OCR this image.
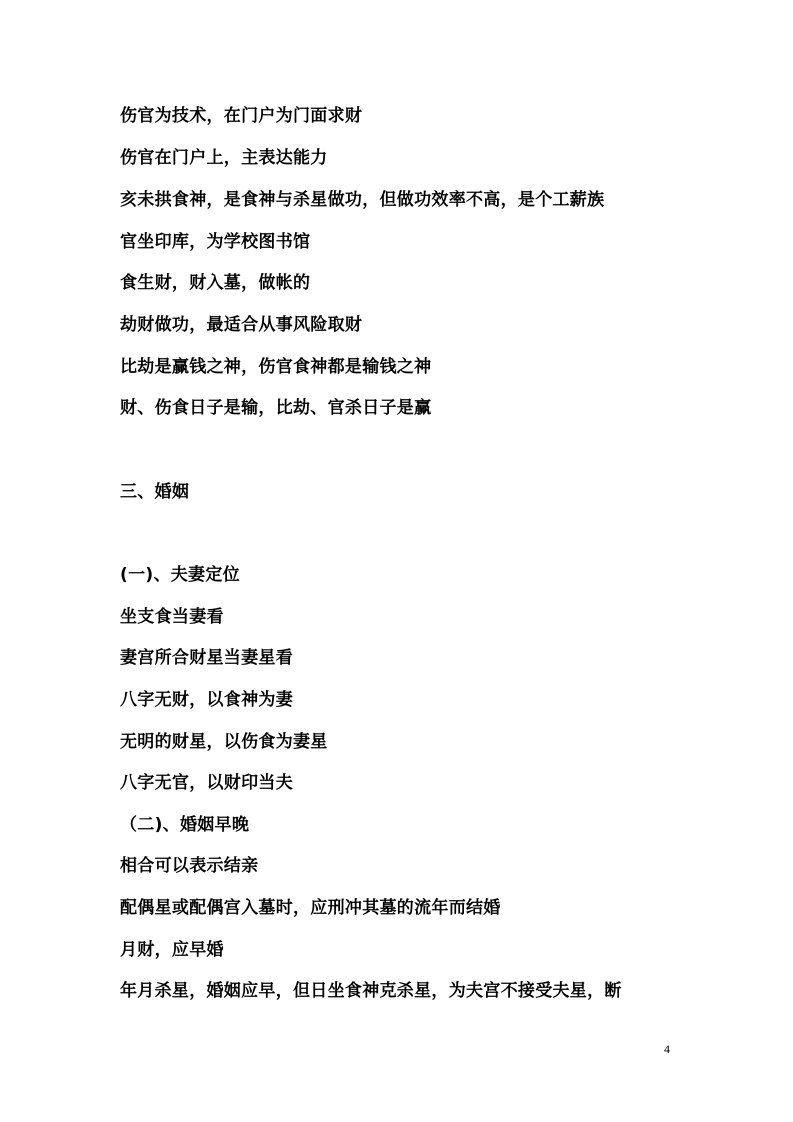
伤官为技术，在门户为门面求财

伤官在门户上，主表达能力

亥未拱食神，是食神与杀星做功，但做功效率不高，是个工薪族

官坐印库，为学校图书馆

食生财，财入墓，做帐的

劫财做功，最适合从事风险取财

比劫是赢钱之神，伤官食神都是输钱之神

财、伤食日子是输，比劫、官杀日子是赢

三、婚姻

(一)、夫妻定位

坐支食当妻看

妻宫所合财星当妻星看

八字无财，以食神为妻

无明的财星，以伤食为妻星

八字无官，以财印当夫

（二)、婚姻早晚

相合可以表示结亲

配偶星或配偶宫入墓时，应刑冲其墓的流年而结婚

月财，应早婚

年月杀星，婚姻应早，但日坐食神克杀星，为夫宫不接受夫星，断

4
